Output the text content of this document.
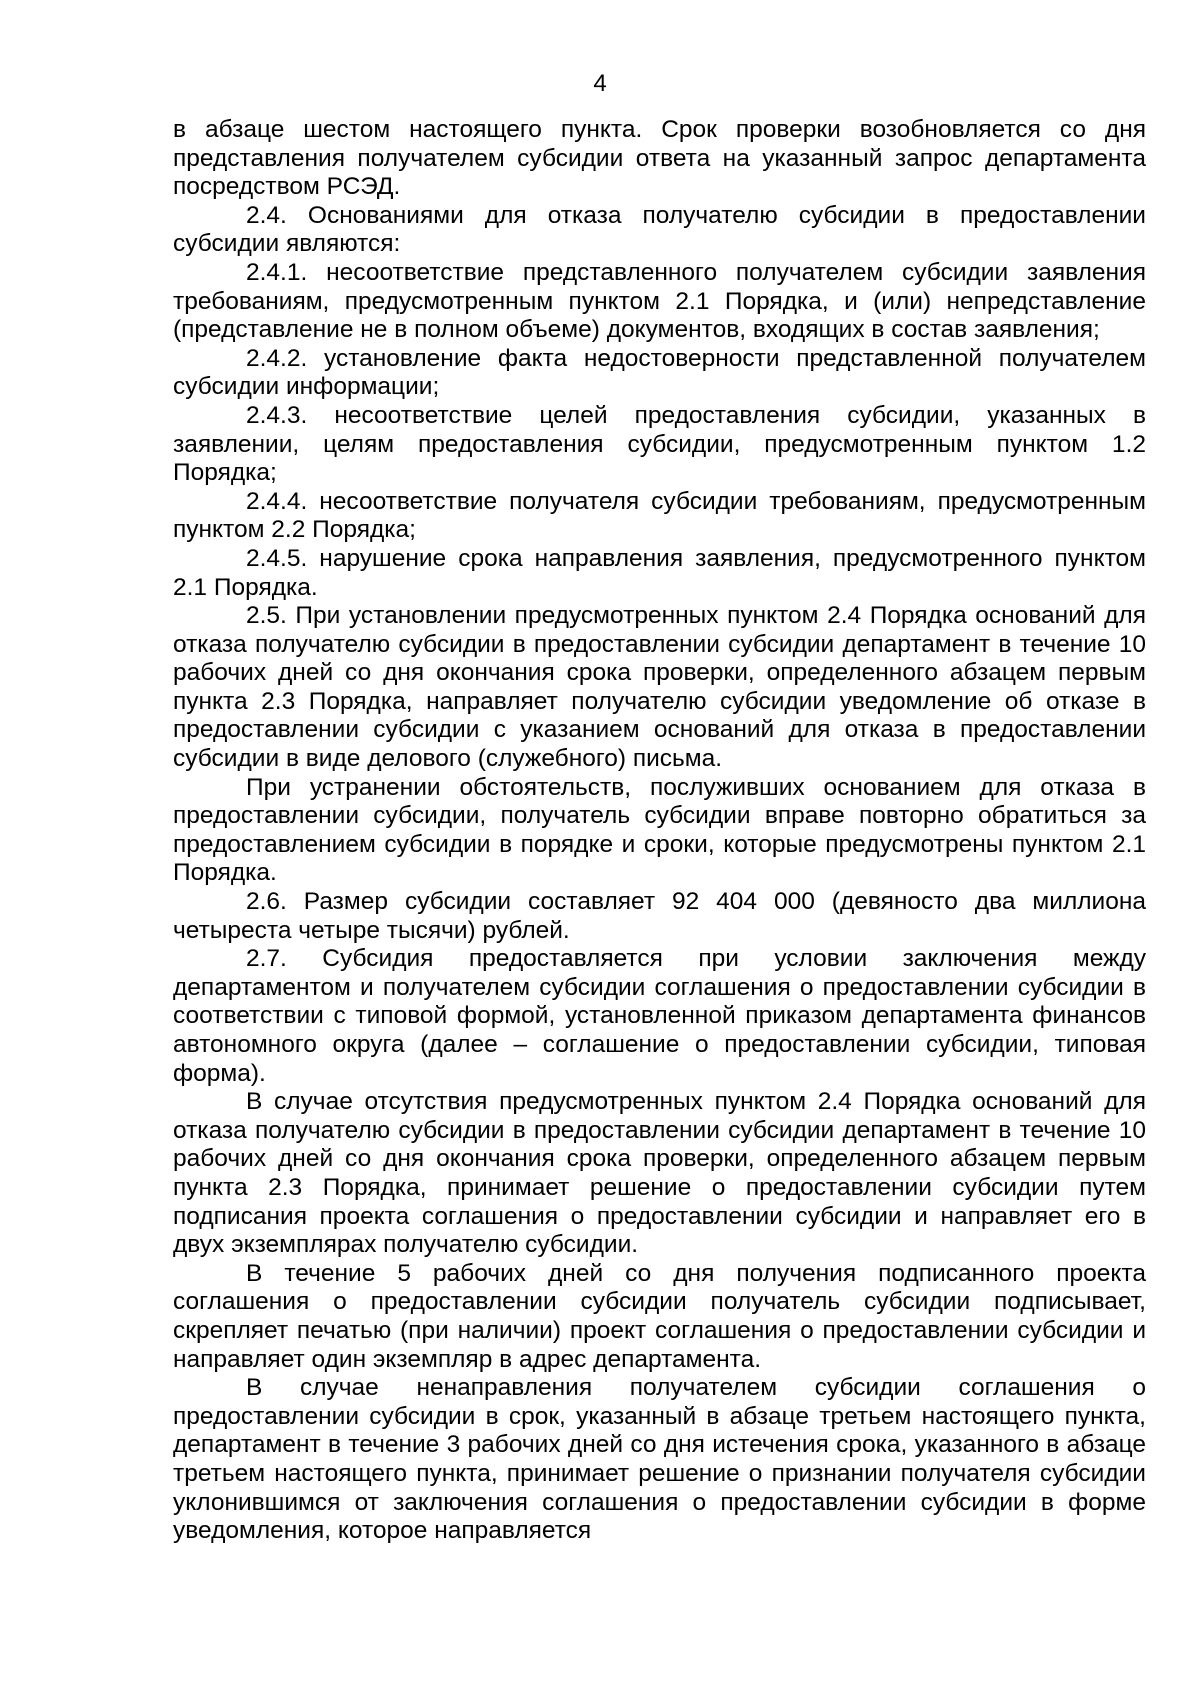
4

в абзаце шестом настоящего пункта. Срок проверки возобновляется со дня представления получателем субсидии ответа на указанный запрос департамента посредством РСЭД.

2.4. Основаниями для отказа получателю субсидии в предоставлении субсидии являются:

2.4.1. несоответствие представленного получателем субсидии заявления требованиям, предусмотренным пунктом 2.1 Порядка, и (или) непредставление (представление не в полном объеме) документов, входящих в состав заявления;

2.4.2. установление факта недостоверности представленной получателем субсидии информации;

2.4.3. несоответствие целей предоставления субсидии, указанных в заявлении, целям предоставления субсидии, предусмотренным пунктом 1.2 Порядка;

2.4.4. несоответствие получателя субсидии требованиям, предусмотренным пунктом 2.2 Порядка;

2.4.5. нарушение срока направления заявления, предусмотренного пунктом 2.1 Порядка.

2.5. При установлении предусмотренных пунктом 2.4 Порядка оснований для отказа получателю субсидии в предоставлении субсидии департамент в течение 10 рабочих дней со дня окончания срока проверки, определенного абзацем первым пункта 2.3 Порядка, направляет получателю субсидии уведомление об отказе в предоставлении субсидии с указанием оснований для отказа в предоставлении субсидии в виде делового (служебного) письма.

При устранении обстоятельств, послуживших основанием для отказа в предоставлении субсидии, получатель субсидии вправе повторно обратиться за предоставлением субсидии в порядке и сроки, которые предусмотрены пунктом 2.1 Порядка.

2.6. Размер субсидии составляет 92 404 000 (девяносто два миллиона четыреста четыре тысячи) рублей.

2.7. Субсидия предоставляется при условии заключения между департаментом и получателем субсидии соглашения о предоставлении субсидии в соответствии с типовой формой, установленной приказом департамента финансов автономного округа (далее – соглашение о предоставлении субсидии, типовая форма).

В случае отсутствия предусмотренных пунктом 2.4 Порядка оснований для отказа получателю субсидии в предоставлении субсидии департамент в течение 10 рабочих дней со дня окончания срока проверки, определенного абзацем первым пункта 2.3 Порядка, принимает решение о предоставлении субсидии путем подписания проекта соглашения о предоставлении субсидии и направляет его в двух экземплярах получателю субсидии.

В течение 5 рабочих дней со дня получения подписанного проекта соглашения о предоставлении субсидии получатель субсидии подписывает, скрепляет печатью (при наличии) проект соглашения о предоставлении субсидии и направляет один экземпляр в адрес департамента.

В случае ненаправления получателем субсидии соглашения о предоставлении субсидии в срок, указанный в абзаце третьем настоящего пункта, департамент в течение 3 рабочих дней со дня истечения срока, указанного в абзаце третьем настоящего пункта, принимает решение о признании получателя субсидии уклонившимся от заключения соглашения о предоставлении субсидии в форме уведомления, которое направляется
